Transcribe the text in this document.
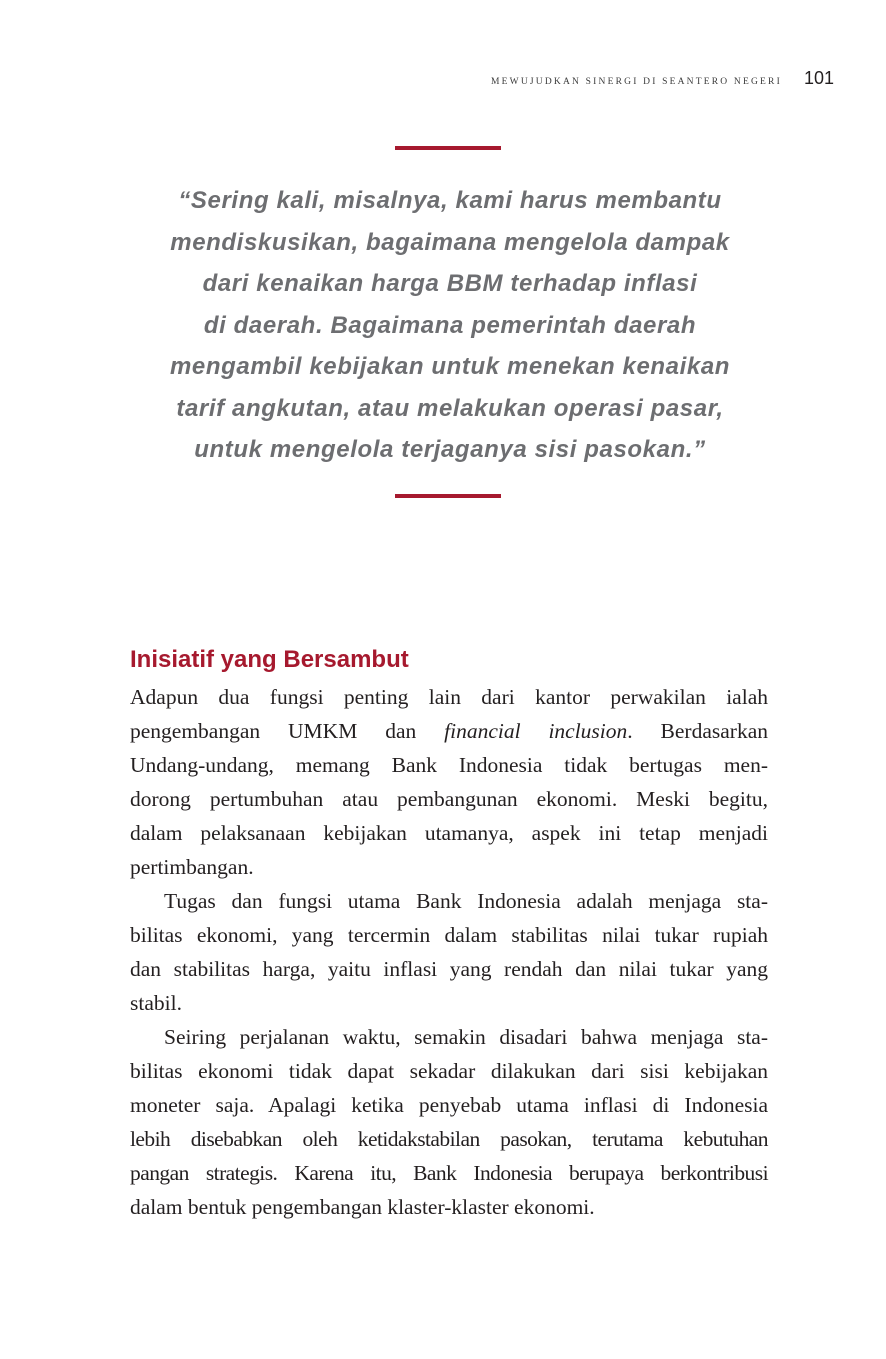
MEWUJUDKAN SINERGI DI SEANTERO NEGERI 101
“Sering kali, misalnya, kami harus membantu
mendiskusikan, bagaimana mengelola dampak
dari kenaikan harga BBM terhadap inflasi
di daerah. Bagaimana pemerintah daerah
mengambil kebijakan untuk menekan kenaikan
tarif angkutan, atau melakukan operasi pasar,
untuk mengelola terjaganya sisi pasokan.”
Inisiatif yang Bersambut

Adapun dua fungsi penting lain dari kantor perwakilan ialah
pengembangan UMKM dan financial inclusion. Berdasarkan
Undang-undang, memang Bank Indonesia tidak bertugas men-
dorong pertumbuhan atau pembangunan ekonomi. Meski begitu,
dalam pelaksanaan kebijakan utamanya, aspek ini tetap menjadi
pertimbangan.

Tugas dan fungsi utama Bank Indonesia adalah menjaga sta-
bilitas ekonomi, yang tercermin dalam stabilitas nilai tukar rupiah
dan stabilitas harga, yaitu inflasi yang rendah dan nilai tukar yang
stabil.

Seiring perjalanan waktu, semakin disadari bahwa menjaga sta-
bilitas ekonomi tidak dapat sekadar dilakukan dari sisi kebijakan
moneter saja. Apalagi ketika penyebab utama inflasi di Indonesia
lebih disebabkan oleh ketidakstabilan pasokan, terutama kebutuhan
pangan strategis. Karena itu, Bank Indonesia berupaya berkontribusi
dalam bentuk pengembangan klaster-klaster ekonomi.
